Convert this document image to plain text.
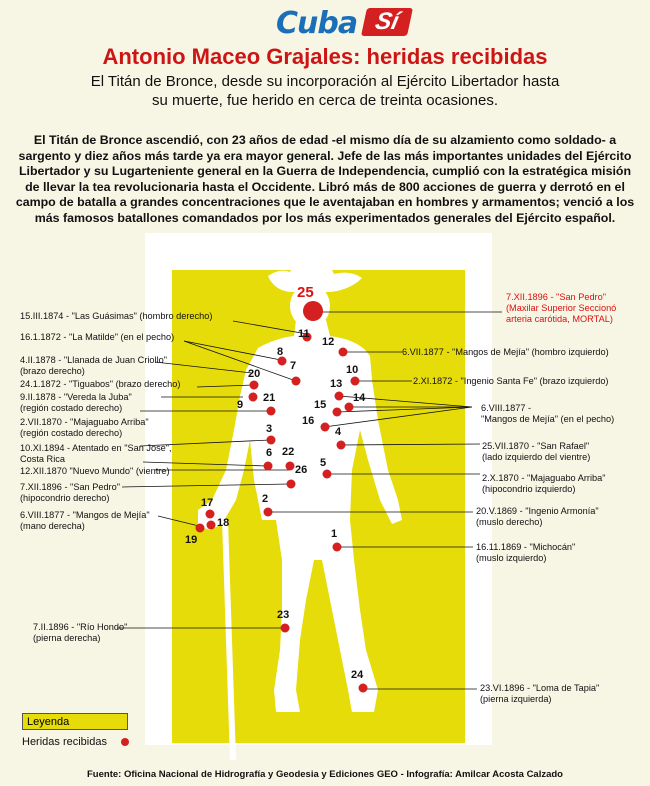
Cuba Sí
Antonio Maceo Grajales: heridas recibidas
El Titán de Bronce, desde su incorporación al Ejército Libertador hasta su muerte, fue herido en cerca de treinta ocasiones.
El Titán de Bronce ascendió, con 23 años de edad -el mismo día de su alzamiento como soldado- a sargento y diez años más tarde ya era mayor general. Jefe de las más importantes unidades del Ejército Libertador y su Lugarteniente general en la Guerra de Independencia, cumplió con la estratégica misión de llevar la tea revolucionaria hasta el Occidente. Libró más de 800 acciones de guerra y derrotó en el campo de batalla a grandes concentraciones que le aventajaban en hombres y armamentos; venció a los más famosos batallones comandados por los más experimentados generales del Ejército español.
25
11
12
8
7	10
20
13
14
15
9
21
16
3	4
6 22
5
26
2
17
18
19	1
23
24
15.III.1874 - "Las Guásimas" (hombro derecho)
16.1.1872 - "La Matilde" (en el pecho)
4.II.1878 - "Llanada de Juan Criollo"
(brazo derecho)
24.1.1872 - "Tiguabos" (brazo derecho)
9.II.1878 - "Vereda la Juba"
(región costado derecho)
2.VII.1870 - "Majaguabo Arriba"
(región costado derecho)
10.XI.1894 - Atentado en "San José",
Costa Rica
12.XII.1870 "Nuevo Mundo" (vientre)
7.XII.1896 - "San Pedro"
(hipocondrio derecho)
6.VIII.1877 - "Mangos de Mejía"
(mano derecha)
7.II.1896 - "Río Hondo"
(pierna derecha)
7.XII.1896 - "San Pedro"
(Maxilar Superior Seccionó
arteria carótida, MORTAL)
6.VII.1877 - "Mangos de Mejía" (hombro izquierdo)
2.XI.1872 - "Ingenio Santa Fe" (brazo izquierdo)
6.VIII.1877 -
"Mangos de Mejía" (en el pecho)
25.VII.1870 - "San Rafael"
(lado izquierdo del vientre)
2.X.1870 - "Majaguabo Arriba"
(hipocondrio izquierdo)
20.V.1869 - "Ingenio Armonía"
(muslo derecho)
16.11.1869 - "Michocán"
(muslo izquierdo)
23.VI.1896 - "Loma de Tapia"
(pierna izquierda)
Leyenda
Heridas recibidas
Fuente: Oficina Nacional de Hidrografía y Geodesia y Ediciones GEO - Infografía: Amilcar Acosta Calzado
